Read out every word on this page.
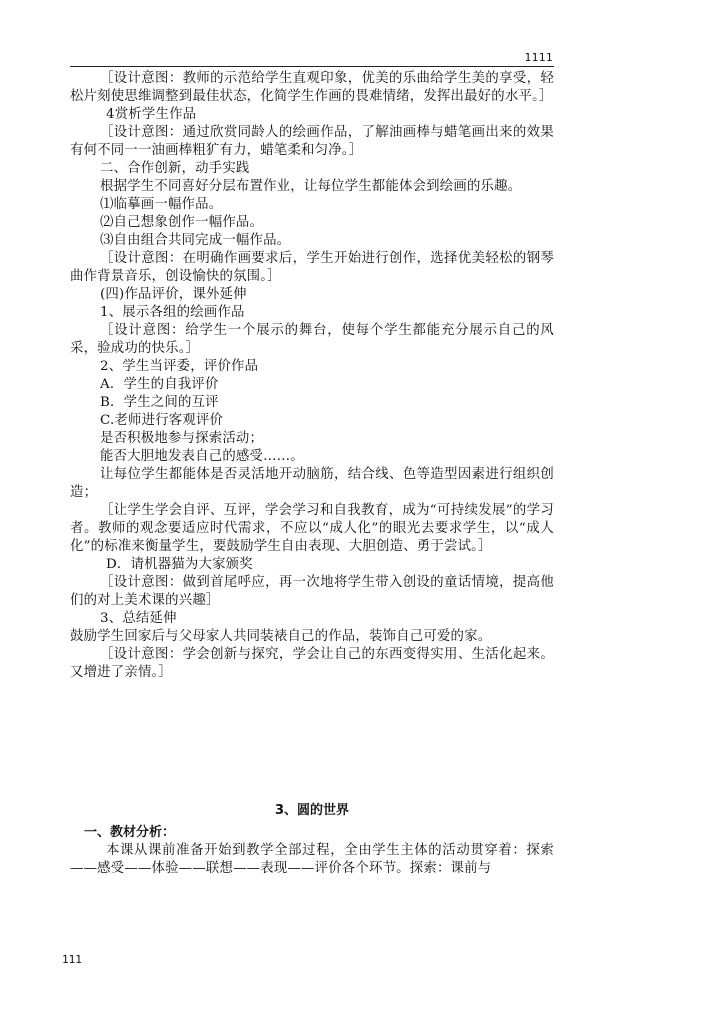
1111

［设计意图：教师的示范给学生直观印象，优美的乐曲给学生美的享受，轻松片刻使思维调整到最佳状态，化简学生作画的畏难情绪，发挥出最好的水平。］

4赏析学生作品

［设计意图：通过欣赏同龄人的绘画作品，了解油画棒与蜡笔画出来的效果有何不同一一油画棒粗犷有力，蜡笔柔和匀净。］

二、合作创新，动手实践

根据学生不同喜好分层布置作业，让每位学生都能体会到绘画的乐趣。

⑴临摹画一幅作品。

⑵自己想象创作一幅作品。

⑶自由组合共同完成一幅作品。

［设计意图：在明确作画要求后，学生开始进行创作，选择优美轻松的钢琴曲作背景音乐，创设愉快的氛围。］

(四)作品评价，课外延伸

1、展示各组的绘画作品

［设计意图：给学生一个展示的舞台，使每个学生都能充分展示自己的风采，验成功的快乐。］

2、学生当评委，评价作品

A．学生的自我评价

B．学生之间的互评

C.老师进行客观评价

是否积极地参与探索活动；

能否大胆地发表自己的感受……。

让每位学生都能体是否灵活地开动脑筋，结合线、色等造型因素进行组织创造；

［让学生学会自评、互评，学会学习和自我教育，成为“可持续发展”的学习者。教师的观念要适应时代需求，不应以“成人化”的眼光去要求学生，以“成人化”的标准来衡量学生，要鼓励学生自由表现、大胆创造、勇于尝试。］

D．请机器猫为大家颁奖

［设计意图：做到首尾呼应，再一次地将学生带入创设的童话情境，提高他们的对上美术课的兴趣］

3、总结延伸

鼓励学生回家后与父母家人共同装裱自己的作品，装饰自己可爱的家。

［设计意图：学会创新与探究，学会让自己的东西变得实用、生活化起来。又增进了亲情。］

3、圆的世界

一、教材分析：

本课从课前准备开始到教学全部过程，全由学生主体的活动贯穿着：探索——感受——体验——联想——表现——评价各个环节。探索：课前与

111
